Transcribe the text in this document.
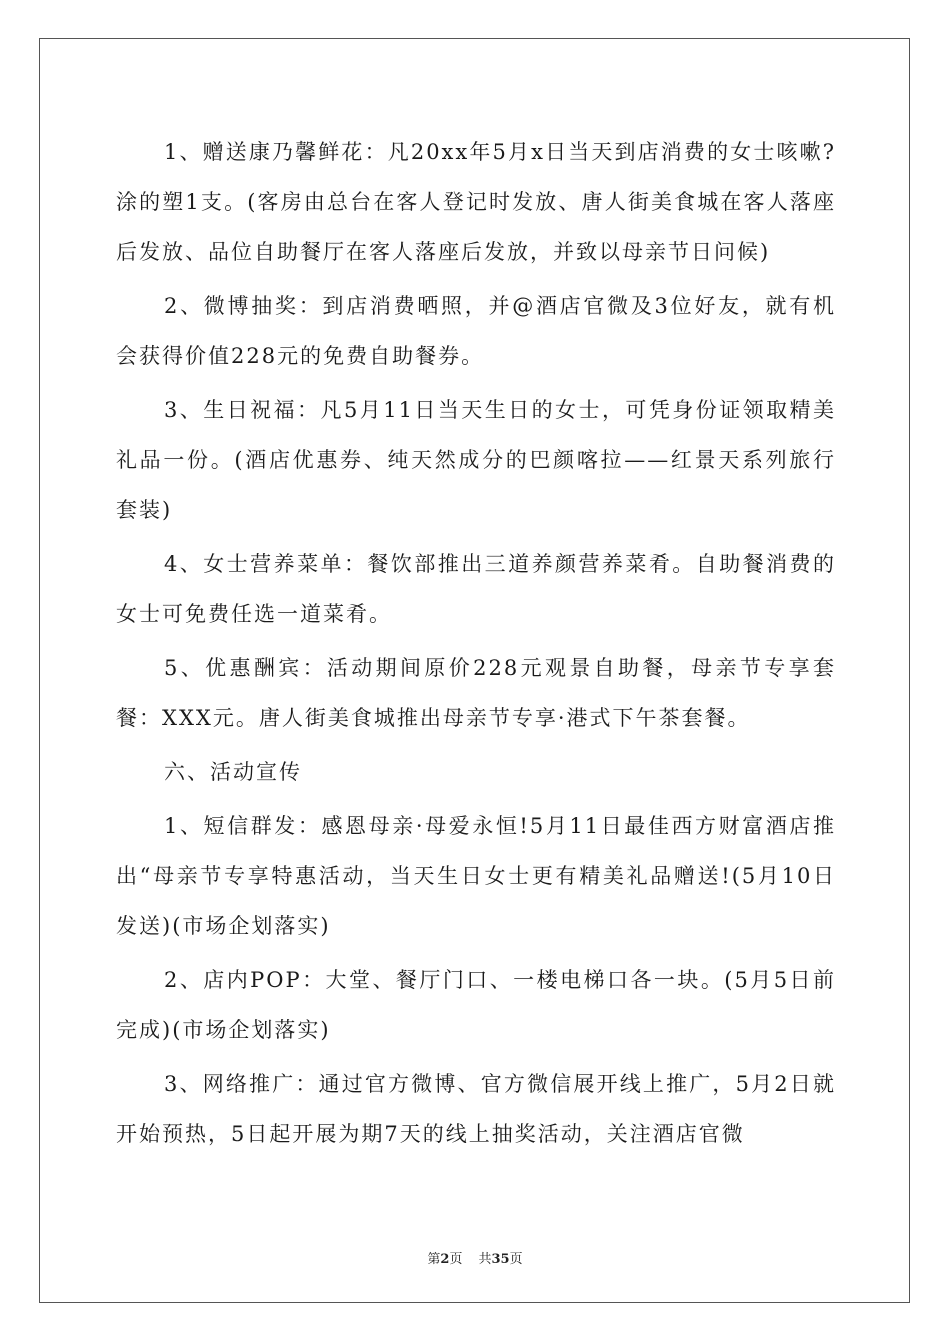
1、赠送康乃馨鲜花：凡20xx年5月x日当天到店消费的女士咳嗽?涂的塑1支。(客房由总台在客人登记时发放、唐人街美食城在客人落座后发放、品位自助餐厅在客人落座后发放，并致以母亲节日问候)

2、微博抽奖：到店消费晒照，并@酒店官微及3位好友，就有机会获得价值228元的免费自助餐券。

3、生日祝福：凡5月11日当天生日的女士，可凭身份证领取精美礼品一份。(酒店优惠券、纯天然成分的巴颜喀拉——红景天系列旅行套装)

4、女士营养菜单：餐饮部推出三道养颜营养菜肴。自助餐消费的女士可免费任选一道菜肴。

5、优惠酬宾：活动期间原价228元观景自助餐，母亲节专享套餐：XXX元。唐人街美食城推出母亲节专享·港式下午茶套餐。

六、活动宣传

1、短信群发：感恩母亲·母爱永恒!5月11日最佳西方财富酒店推出“母亲节专享特惠活动，当天生日女士更有精美礼品赠送!(5月10日发送)(市场企划落实)

2、店内POP：大堂、餐厅门口、一楼电梯口各一块。(5月5日前完成)(市场企划落实)

3、网络推广：通过官方微博、官方微信展开线上推广，5月2日就开始预热，5日起开展为期7天的线上抽奖活动，关注酒店官微

第2页 共35页
